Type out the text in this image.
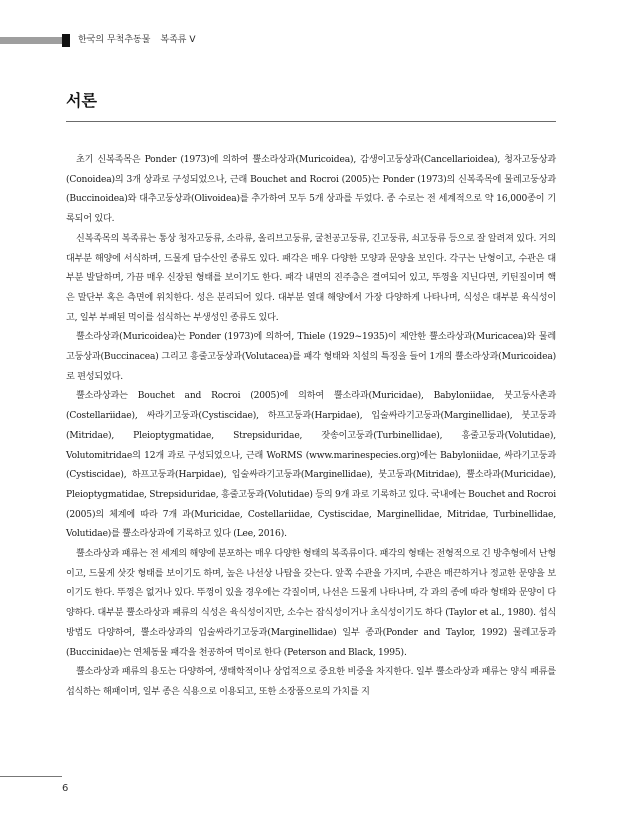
한국의 무척추동물 복족류 V
서론

초기 신복족목은 Ponder (1973)에 의하여 뿔소라상과(Muricoidea), 감생이고둥상과(Cancellarioidea), 청자고둥상과(Conoidea)의 3개 상과로 구성되었으나, 근래 Bouchet and Rocroi (2005)는 Ponder (1973)의 신복족목에 물레고둥상과(Buccinoidea)와 대추고둥상과(Olivoidea)를 추가하여 모두 5개 상과를 두었다. 종 수로는 전 세계적으로 약 16,000종이 기록되어 있다.

신복족목의 복족류는 통상 청자고둥류, 소라류, 올리브고둥류, 굴천공고둥류, 긴고둥류, 쇠고둥류 등으로 잘 알려져 있다. 거의 대부분 해양에 서식하며, 드물게 담수산인 종류도 있다. 패각은 매우 다양한 모양과 문양을 보인다. 각구는 난형이고, 수관은 대부분 발달하며, 가끔 매우 신장된 형태를 보이기도 한다. 패각 내면의 진주층은 결여되어 있고, 뚜껑을 지닌다면, 키틴질이며 핵은 말단부 혹은 측면에 위치한다. 성은 분리되어 있다. 대부분 열대 해양에서 가장 다양하게 나타나며, 식성은 대부분 육식성이고, 일부 부패된 먹이를 섭식하는 부생성인 종류도 있다.

뿔소라상과(Muricoidea)는 Ponder (1973)에 의하여, Thiele (1929~1935)이 제안한 뿔소라상과(Muricacea)와 물레고둥상과(Buccinacea) 그리고 흥줄고둥상과(Volutacea)를 패각 형태와 치설의 특징을 들어 1개의 뿔소라상과(Muricoidea)로 편성되었다.

뿔소라상과는 Bouchet and Rocroi (2005)에 의하여 뿔소라과(Muricidae), Babyloniidae, 붓고둥사촌과(Costellariidae), 싸라기고둥과(Cystiscidae), 하프고둥과(Harpidae), 입술싸라기고둥과(Marginellidae), 붓고둥과(Mitridae), Pleioptygmatidae, Strepsiduridae, 잣송이고둥과(Turbinellidae), 흥줄고둥과(Volutidae), Volutomitridae의 12개 과로 구성되었으나, 근래 WoRMS (www.marinespecies.org)에는 Babyloniidae, 싸라기고둥과(Cystiscidae), 하프고둥과(Harpidae), 입술싸라기고둥과(Marginellidae), 붓고둥과(Mitridae), 뿔소라과(Muricidae), Pleioptygmatidae, Strepsiduridae, 흥줄고둥과(Volutidae) 등의 9개 과로 기록하고 있다. 국내에는 Bouchet and Rocroi (2005)의 체계에 따라 7개 과(Muricidae, Costellariidae, Cystiscidae, Marginellidae, Mitridae, Turbinellidae, Volutidae)를 뿔소라상과에 기록하고 있다 (Lee, 2016).

뿔소라상과 패류는 전 세계의 해양에 분포하는 매우 다양한 형태의 복족류이다. 패각의 형태는 전형적으로 긴 방추형에서 난형이고, 드물게 삿갓 형태를 보이기도 하며, 높은 나선상 나탑을 갖는다. 앞쪽 수관을 가지며, 수관은 매끈하거나 정교한 문양을 보이기도 한다. 뚜껑은 없거나 있다. 뚜껑이 있을 경우에는 각질이며, 나선은 드물게 나타나며, 각 과의 종에 따라 형태와 문양이 다양하다. 대부분 뿔소라상과 패류의 식성은 육식성이지만, 소수는 잡식성이거나 초식성이기도 하다 (Taylor et al., 1980). 섭식 방법도 다양하여, 뿔소라상과의 입술싸라기고둥과(Marginellidae) 일부 종과(Ponder and Taylor, 1992) 물레고둥과(Buccinidae)는 연체동물 패각을 천공하여 먹이로 한다 (Peterson and Black, 1995).

뿔소라상과 패류의 용도는 다양하여, 생태학적이나 상업적으로 중요한 비중을 차지한다. 일부 뿔소라상과 패류는 양식 패류를 섭식하는 해패이며, 일부 종은 식용으로 이용되고, 또한 소장품으로의 가치를 지

6
